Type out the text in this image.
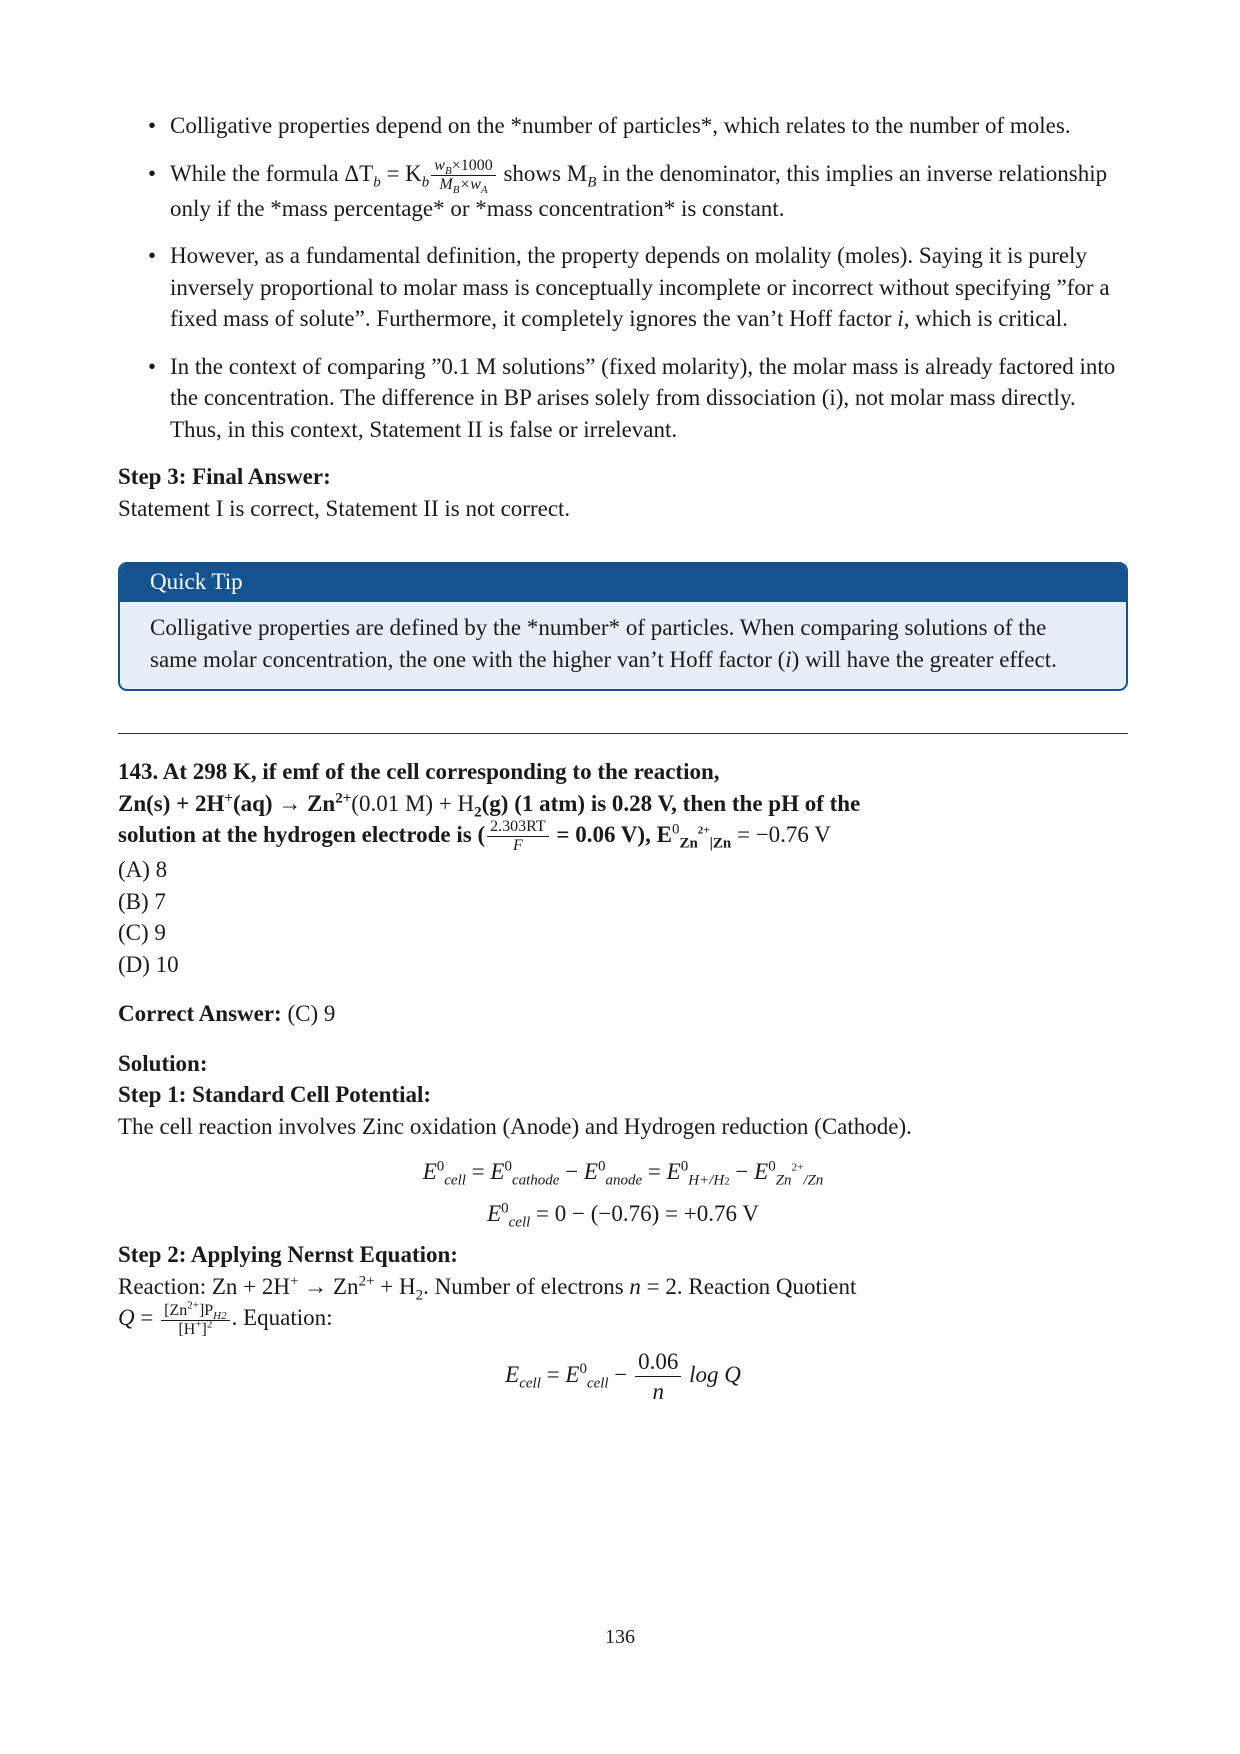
• Colligative properties depend on the *number of particles*, which relates to the number of moles.
• While the formula $\Delta T_b = K_b \frac{w_B\times 1000}{M_B\times w_A}$ shows $M_B$ in the denominator, this implies an inverse relationship only if the *mass percentage* or *mass concentration* is constant.
• However, as a fundamental definition, the property depends on molality (moles). Saying it is purely inversely proportional to molar mass is conceptually incomplete or incorrect without specifying ”for a fixed mass of solute”. Furthermore, it completely ignores the van’t Hoff factor i, which is critical.
• In the context of comparing ”0.1 M solutions” (fixed molarity), the molar mass is already factored into the concentration. The difference in BP arises solely from dissociation (i), not molar mass directly. Thus, in this context, Statement II is false or irrelevant.
Step 3: Final Answer:
Statement I is correct, Statement II is not correct.
Quick Tip
Colligative properties are defined by the *number* of particles. When comparing solutions of the same molar concentration, the one with the higher van’t Hoff factor (i) will have the greater effect.
143. At 298 K, if emf of the cell corresponding to the reaction,
$Zn(s) + 2H^+(aq) \to Zn^{2+}(0.01$ $M) + H_2(g)$ (1 atm) is 0.28 V, then the pH of the
solution at the hydrogen electrode is ( $\frac{2.303RT}{F} = 0.06$ V), $E^0_{Zn2+|Zn} = -0.76$ V
(A) 8
(B) 7
(C) 9
(D) 10
Correct Answer: (C) 9
Solution:
Step 1: Standard Cell Potential:
The cell reaction involves Zinc oxidation (Anode) and Hydrogen reduction (Cathode).
$E^0_{cell} = E^0_{cathode} - E^0_{anode} = E^0_{H+/H2} - E^0_{Zn2+/Zn}$
$E^0_{cell} = 0 - (-0.76) = +0.76$ V
Step 2: Applying Nernst Equation:
Reaction: $Zn + 2H^+ \to Zn^{2+} + H_2$. Number of electrons n = 2. Reaction Quotient
$Q = \frac{[Zn^{2+}]P_{H2}}{[H^+]^2}$ . Equation:
$E_{cell} = E^0_{cell} - \frac{0.06}{n}$ log Q
136
